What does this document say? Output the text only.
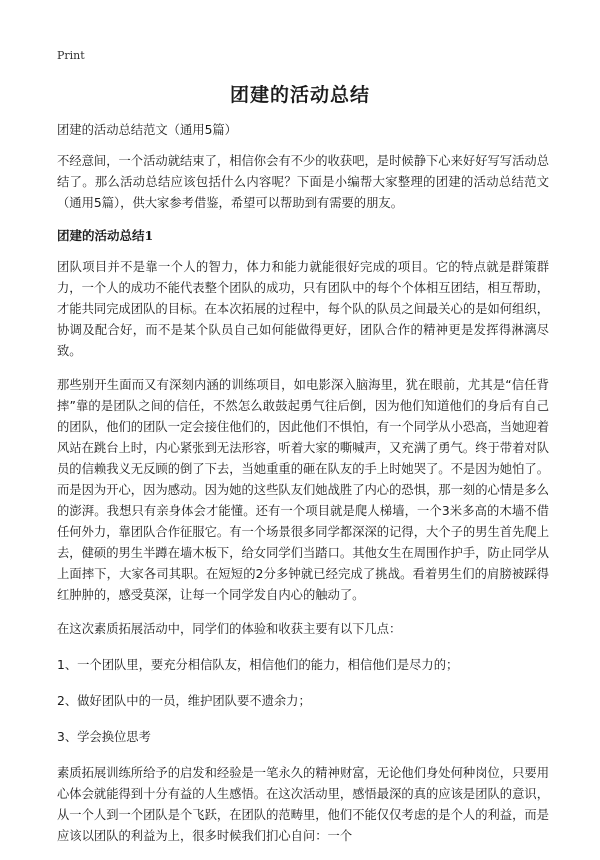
Print
团建的活动总结

团建的活动总结范文（通用5篇）

不经意间，一个活动就结束了，相信你会有不少的收获吧，是时候静下心来好好写写活动总结了。那么活动总结应该包括什么内容呢？下面是小编帮大家整理的团建的活动总结范文（通用5篇），供大家参考借鉴，希望可以帮助到有需要的朋友。

团建的活动总结1

团队项目并不是靠一个人的智力，体力和能力就能很好完成的项目。它的特点就是群策群力，一个人的成功不能代表整个团队的成功，只有团队中的每个个体相互团结，相互帮助，才能共同完成团队的目标。在本次拓展的过程中，每个队的队员之间最关心的是如何组织，协调及配合好，而不是某个队员自己如何能做得更好，团队合作的精神更是发挥得淋漓尽致。

那些别开生面而又有深刻内涵的训练项目，如电影深入脑海里，犹在眼前，尤其是“信任背摔”靠的是团队之间的信任，不然怎么敢鼓起勇气往后倒，因为他们知道他们的身后有自己的团队，他们的团队一定会接住他们的，因此他们不惧怕，有一个同学从小恐高，当她迎着风站在跳台上时，内心紧张到无法形容，听着大家的嘶喊声，又充满了勇气。终于带着对队员的信赖我义无反顾的倒了下去，当她重重的砸在队友的手上时她哭了。不是因为她怕了。而是因为开心，因为感动。因为她的这些队友们她战胜了内心的恐惧，那一刻的心情是多么的澎湃。我想只有亲身体会才能懂。还有一个项目就是爬人梯墙，一个3米多高的木墙不借任何外力，靠团队合作征服它。有一个场景很多同学都深深的记得，大个子的男生首先爬上去，健硕的男生半蹲在墙木板下，给女同学们当踏口。其他女生在周围作护手，防止同学从上面摔下，大家各司其职。在短短的2分多钟就已经完成了挑战。看着男生们的肩膀被踩得红肿肿的，感受莫深，让每一个同学发自内心的触动了。

在这次素质拓展活动中，同学们的体验和收获主要有以下几点：

1、一个团队里，要充分相信队友，相信他们的能力，相信他们是尽力的；

2、做好团队中的一员，维护团队要不遗余力；

3、学会换位思考

素质拓展训练所给予的启发和经验是一笔永久的精神财富，无论他们身处何种岗位，只要用心体会就能得到十分有益的人生感悟。在这次活动里，感悟最深的真的应该是团队的意识，从一个人到一个团队是个飞跃，在团队的范畴里，他们不能仅仅考虑的是个人的利益，而是应该以团队的利益为上，很多时候我们扪心自问：一个
